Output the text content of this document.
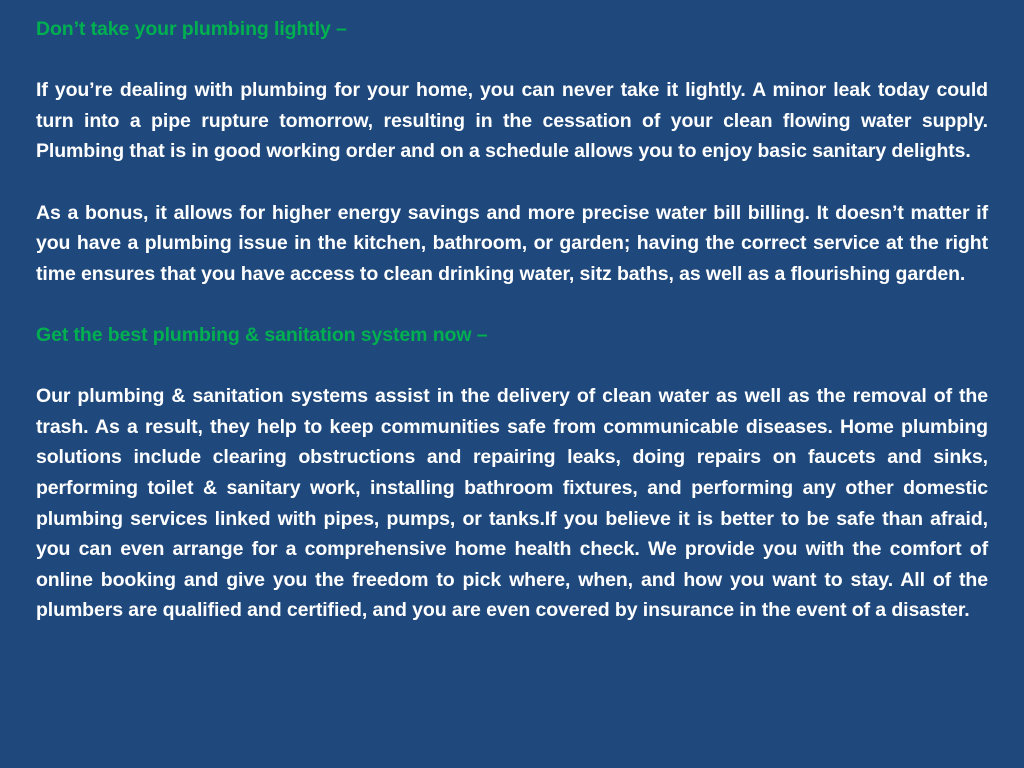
Don’t take your plumbing lightly –

If you’re dealing with plumbing for your home, you can never take it lightly. A minor leak today could turn into a pipe rupture tomorrow, resulting in the cessation of your clean flowing water supply. Plumbing that is in good working order and on a schedule allows you to enjoy basic sanitary delights.

As a bonus, it allows for higher energy savings and more precise water bill billing. It doesn’t matter if you have a plumbing issue in the kitchen, bathroom, or garden; having the correct service at the right time ensures that you have access to clean drinking water, sitz baths, as well as a flourishing garden.

Get the best plumbing & sanitation system now –

Our plumbing & sanitation systems assist in the delivery of clean water as well as the removal of the trash. As a result, they help to keep communities safe from communicable diseases. Home plumbing solutions include clearing obstructions and repairing leaks, doing repairs on faucets and sinks, performing toilet & sanitary work, installing bathroom fixtures, and performing any other domestic plumbing services linked with pipes, pumps, or tanks.If you believe it is better to be safe than afraid, you can even arrange for a comprehensive home health check. We provide you with the comfort of online booking and give you the freedom to pick where, when, and how you want to stay. All of the plumbers are qualified and certified, and you are even covered by insurance in the event of a disaster.
